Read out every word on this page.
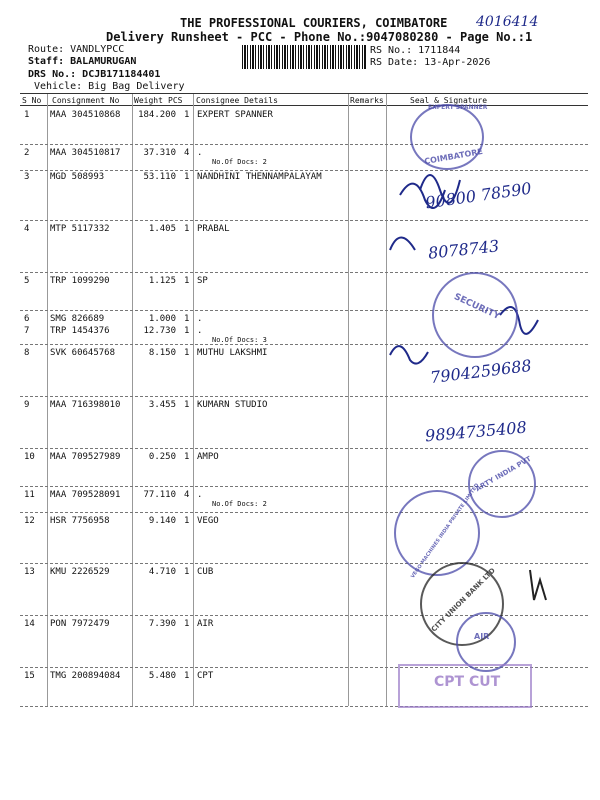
THE PROFESSIONAL COURIERS, COIMBATORE 4016414
Delivery Runsheet - PCC - Phone No.:9047080280 - Page No.:1
Route: VANDLYPCC
Staff: BALAMURUGAN
DRS No.: DCJB171184401
Vehicle: Big Bag Delivery
RS No.: 1711844
RS Date: 13-Apr-2026
S No Consignment No Weight PCS Consignee Details	Remarks	Seal & Signature
1 MAA 304510868 184.200 1 EXPERT SPANNER
2 MAA 304510817	37.310 4 .
No.Of Docs: 2
3 MGD 508993	53.110 1 NANDHINI THENNAMPALAYAM
4 MTP 5117332	1.405 1 PRABAL
5 TRP 1099290	1.125 1 SP
6 SMG 826689	1.000 1 .
7 TRP 1454376	12.730 1 .
No.Of Docs: 3
8 SVK 60645768	8.150 1 MUTHU LAKSHMI
9 MAA 716398010	3.455 1 KUMARN STUDIO
10 MAA 709527989	0.250 1 AMPO
11 MAA 709528091	77.110 4 .
No.Of Docs: 2
12 HSR 7756958	9.140 1 VEGO
13 KMU 2226529	4.710 1 CUB
14 PON 7972479	7.390 1 AIR
15 TMG 200894084	5.480 1 CPT
90800 78590
8078743
7904259688
9894735408
EXPERT SPANNER
COIMBATORE
SECURITY
ARTY INDIA PVT
VEGO MACHINES INDIA PRIVATE LIMITED
CITY UNION BANK LTD
AIR
CPT CUT
